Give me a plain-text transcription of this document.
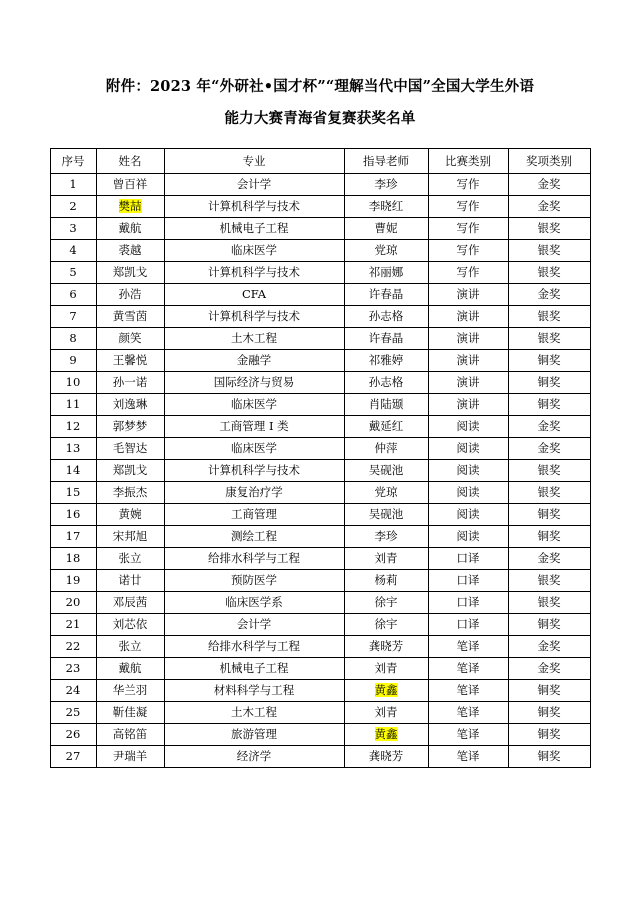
附件：2023 年“外研社•国才杯”“理解当代中国”全国大学生外语
能力大赛青海省复赛获奖名单
序号	姓名	专业	指导老师	比赛类别	奖项类别
1	曾百祥	会计学	李珍	写作	金奖
2	樊喆	计算机科学与技术	李晓红	写作	金奖
3	戴航	机械电子工程	曹妮	写作	银奖
4	裘越	临床医学	党琼	写作	银奖
5	郑凯戈	计算机科学与技术	祁丽娜	写作	银奖
6	孙浩	CFA	许春晶	演讲	金奖
7	黄雪茵	计算机科学与技术	孙志格	演讲	银奖
8	颜笑	土木工程	许春晶	演讲	银奖
9	王馨悦	金融学	祁雅婷	演讲	铜奖
10	孙一诺	国际经济与贸易	孙志格	演讲	铜奖
11	刘逸琳	临床医学	肖陆颋	演讲	铜奖
12	郭梦梦	工商管理 I 类	戴延红	阅读	金奖
13	毛智达	临床医学	仲萍	阅读	金奖
14	郑凯戈	计算机科学与技术	吴砚池	阅读	银奖
15	李振杰	康复治疗学	党琼	阅读	银奖
16	黄婉	工商管理	吴砚池	阅读	铜奖
17	宋邦旭	测绘工程	李珍	阅读	铜奖
18	张立	给排水科学与工程	刘青	口译	金奖
19	诺廿	预防医学	杨莉	口译	银奖
20	邓辰茜	临床医学系	徐宇	口译	银奖
21	刘芯依	会计学	徐宇	口译	铜奖
22	张立	给排水科学与工程	龚晓芳	笔译	金奖
23	戴航	机械电子工程	刘青	笔译	金奖
24	华兰羽	材料科学与工程	黄鑫	笔译	铜奖
25	靳佳凝	土木工程	刘青	笔译	铜奖
26	高铭笛	旅游管理	黄鑫	笔译	铜奖
27	尹瑞羊	经济学	龚晓芳	笔译	铜奖
